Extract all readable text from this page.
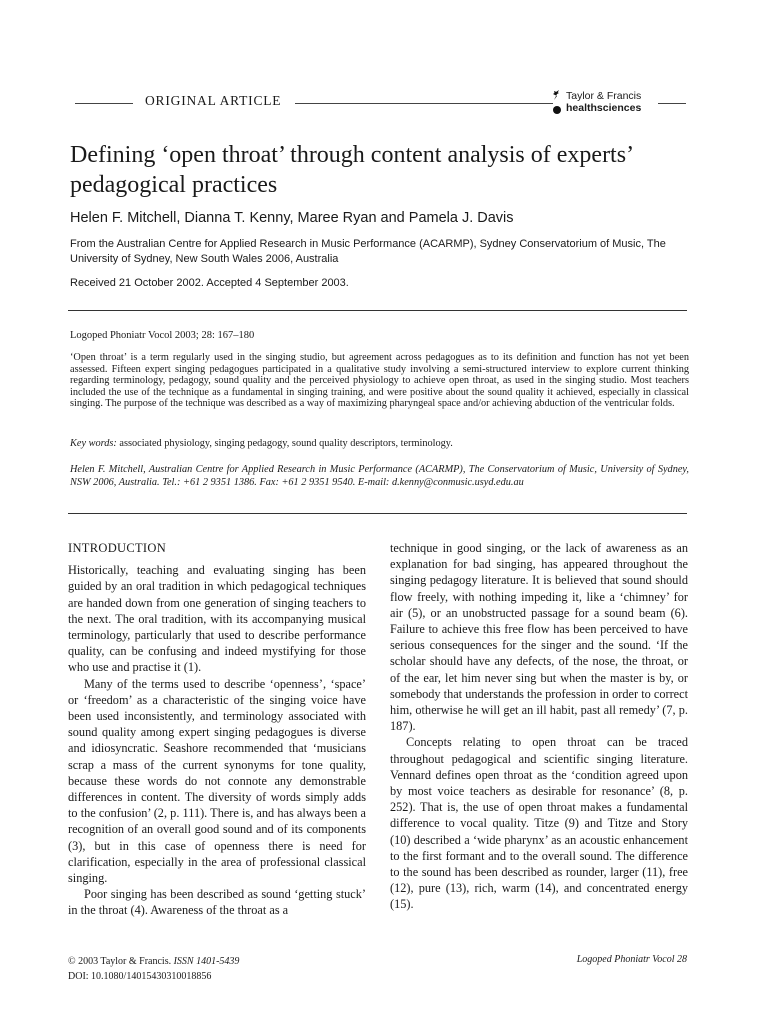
ORIGINAL ARTICLE	Taylor & Francis
healthsciences
Defining ‘open throat’ through content analysis of experts’ pedagogical practices
Helen F. Mitchell, Dianna T. Kenny, Maree Ryan and Pamela J. Davis
From the Australian Centre for Applied Research in Music Performance (ACARMP), Sydney Conservatorium of Music, The University of Sydney, New South Wales 2006, Australia
Received 21 October 2002. Accepted 4 September 2003.
Logoped Phoniatr Vocol 2003; 28: 167–180
‘Open throat’ is a term regularly used in the singing studio, but agreement across pedagogues as to its definition and function has not yet been assessed. Fifteen expert singing pedagogues participated in a qualitative study involving a semi-structured interview to explore current thinking regarding terminology, pedagogy, sound quality and the perceived physiology to achieve open throat, as used in the singing studio. Most teachers included the use of the technique as a fundamental in singing training, and were positive about the sound quality it achieved, especially in classical singing. The purpose of the technique was described as a way of maximizing pharyngeal space and/or achieving abduction of the ventricular folds.
Key words: associated physiology, singing pedagogy, sound quality descriptors, terminology.
Helen F. Mitchell, Australian Centre for Applied Research in Music Performance (ACARMP), The Conservatorium of Music, University of Sydney, NSW 2006, Australia. Tel.: +61 2 9351 1386. Fax: +61 2 9351 9540. E-mail: d.kenny@conmusic.usyd.edu.au
INTRODUCTION

Historically, teaching and evaluating singing has been guided by an oral tradition in which pedagogical techniques are handed down from one generation of singing teachers to the next. The oral tradition, with its accompanying musical terminology, particularly that used to describe performance quality, can be confusing and indeed mystifying for those who use and practise it (1).

Many of the terms used to describe ‘openness’, ‘space’ or ‘freedom’ as a characteristic of the singing voice have been used inconsistently, and terminology associated with sound quality among expert singing pedagogues is diverse and idiosyncratic. Seashore recommended that ‘musicians scrap a mass of the current synonyms for tone quality, because these words do not connote any demonstrable differences in content. The diversity of words simply adds to the confusion’ (2, p. 111). There is, and has always been a recognition of an overall good sound and of its components (3), but in this case of openness there is need for clarification, especially in the area of professional classical singing.

Poor singing has been described as sound ‘getting stuck’ in the throat (4). Awareness of the throat as a

technique in good singing, or the lack of awareness as an explanation for bad singing, has appeared throughout the singing pedagogy literature. It is believed that sound should flow freely, with nothing impeding it, like a ‘chimney’ for air (5), or an unobstructed passage for a sound beam (6). Failure to achieve this free flow has been perceived to have serious consequences for the singer and the sound. ‘If the scholar should have any defects, of the nose, the throat, or of the ear, let him never sing but when the master is by, or somebody that understands the profession in order to correct him, otherwise he will get an ill habit, past all remedy’ (7, p. 187).

Concepts relating to open throat can be traced throughout pedagogical and scientific singing literature. Vennard defines open throat as the ‘condition agreed upon by most voice teachers as desirable for resonance’ (8, p. 252). That is, the use of open throat makes a fundamental difference to vocal quality. Titze (9) and Titze and Story (10) described a ‘wide pharynx’ as an acoustic enhancement to the first formant and to the overall sound. The difference to the sound has been described as rounder, larger (11), free (12), pure (13), rich, warm (14), and concentrated energy (15).

© 2003 Taylor & Francis. ISSN 1401-5439
DOI: 10.1080/14015430310018856
Logoped Phoniatr Vocol 28
